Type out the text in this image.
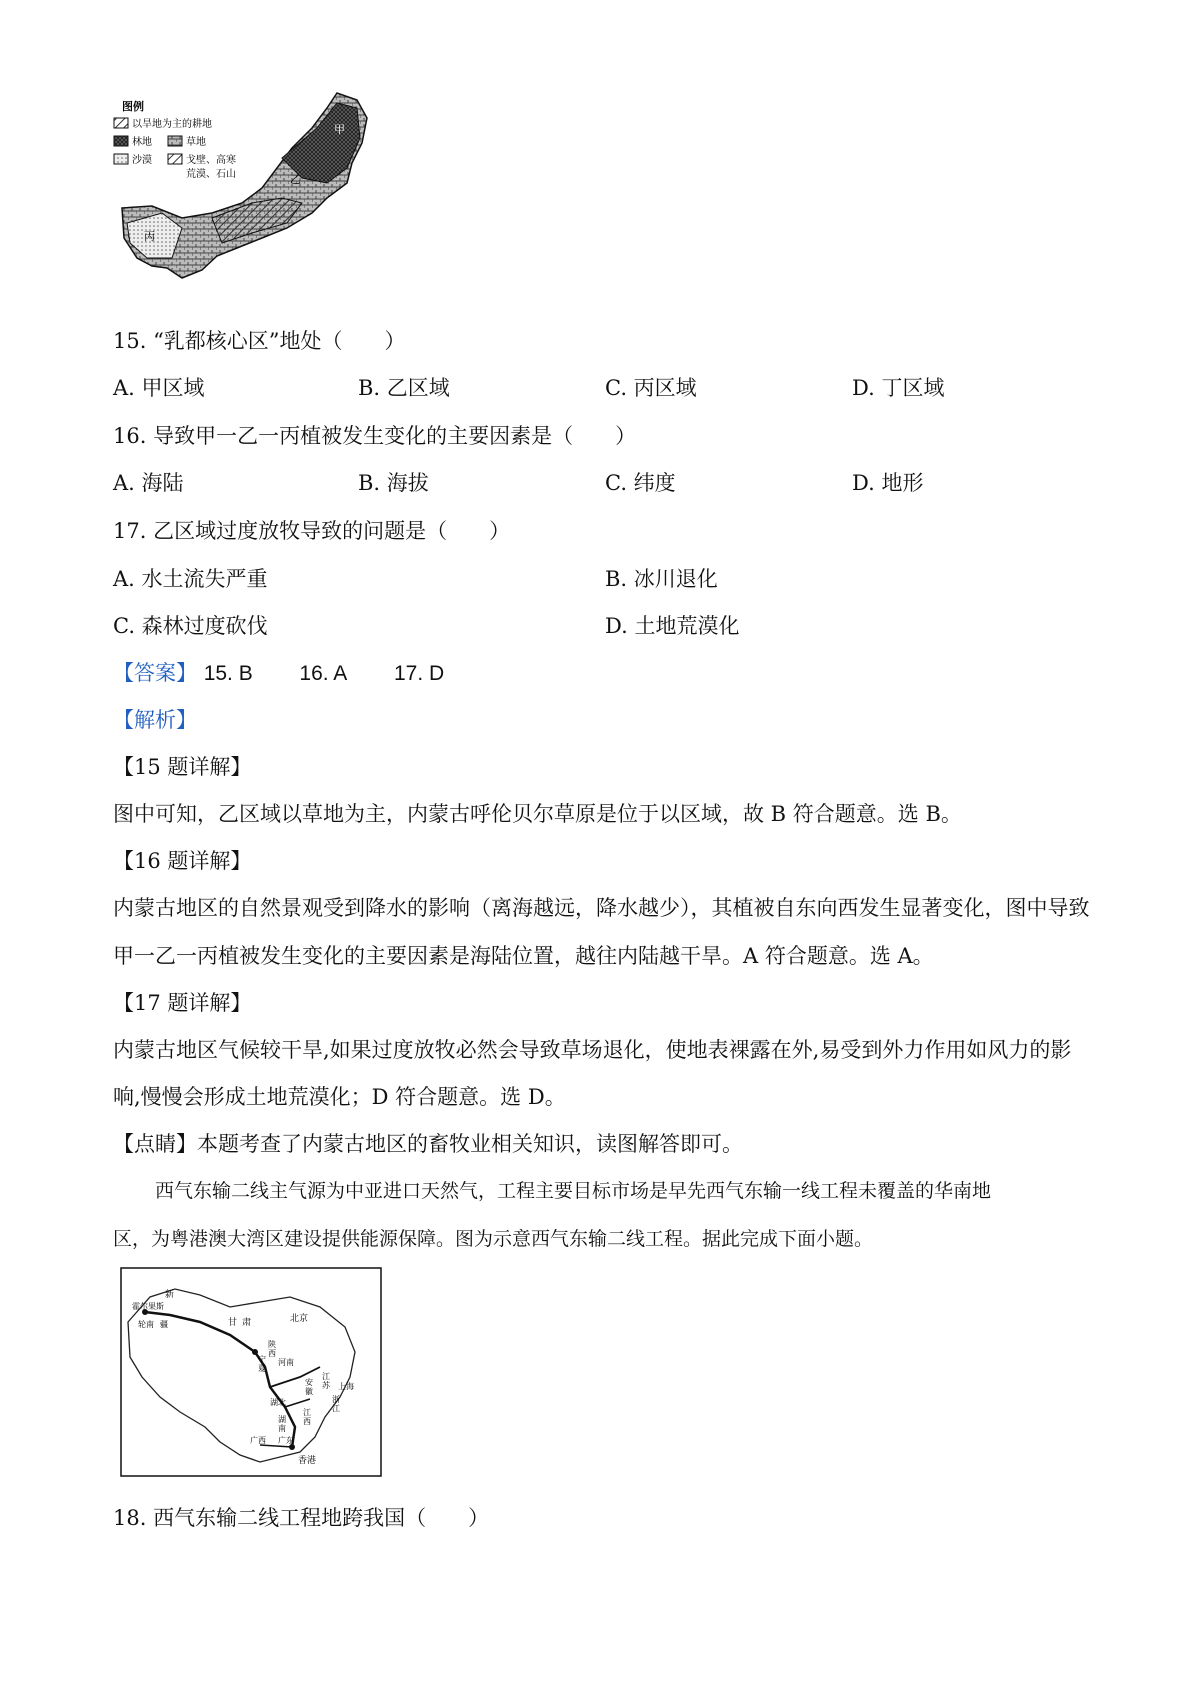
甲
乙
丙
图例
以旱地为主的耕地
林地	草地
沙漠	戈壁、高寒
荒漠、石山
15. “乳都核心区”地处（　　）
A. 甲区域	B. 乙区域	C. 丙区域	D. 丁区域
16. 导致甲一乙一丙植被发生变化的主要因素是（　　）
A. 海陆	B. 海拔	C. 纬度	D. 地形
17. 乙区域过度放牧导致的问题是（　　）
A. 水土流失严重	B. 冰川退化
C. 森林过度砍伐	D. 土地荒漠化
【答案】 15. B 16. A 17. D
【解析】
【15 题详解】
图中可知，乙区域以草地为主，内蒙古呼伦贝尔草原是位于以区域，故 B 符合题意。选 B。
【16 题详解】
内蒙古地区的自然景观受到降水的影响（离海越远，降水越少），其植被自东向西发生显著变化，图中导致
甲一乙一丙植被发生变化的主要因素是海陆位置，越往内陆越干旱。A 符合题意。选 A。
【17 题详解】
内蒙古地区气候较干旱,如果过度放牧必然会导致草场退化，使地表裸露在外,易受到外力作用如风力的影
响,慢慢会形成土地荒漠化；D 符合题意。选 D。
【点睛】本题考查了内蒙古地区的畜牧业相关知识，读图解答即可。
西气东输二线主气源为中亚进口天然气，工程主要目标市场是早先西气东输一线工程未覆盖的华南地
区，为粤港澳大湾区建设提供能源保障。图为示意西气东输二线工程。据此完成下面小题。
新
霍尔果斯
轮南 疆	甘 肃	北京
宁
夏
陕
西
河南
安
徽
江
苏 上海
湖北	浙
江
湖
南
江
西
广西 广东
香港
18. 西气东输二线工程地跨我国（　　）
